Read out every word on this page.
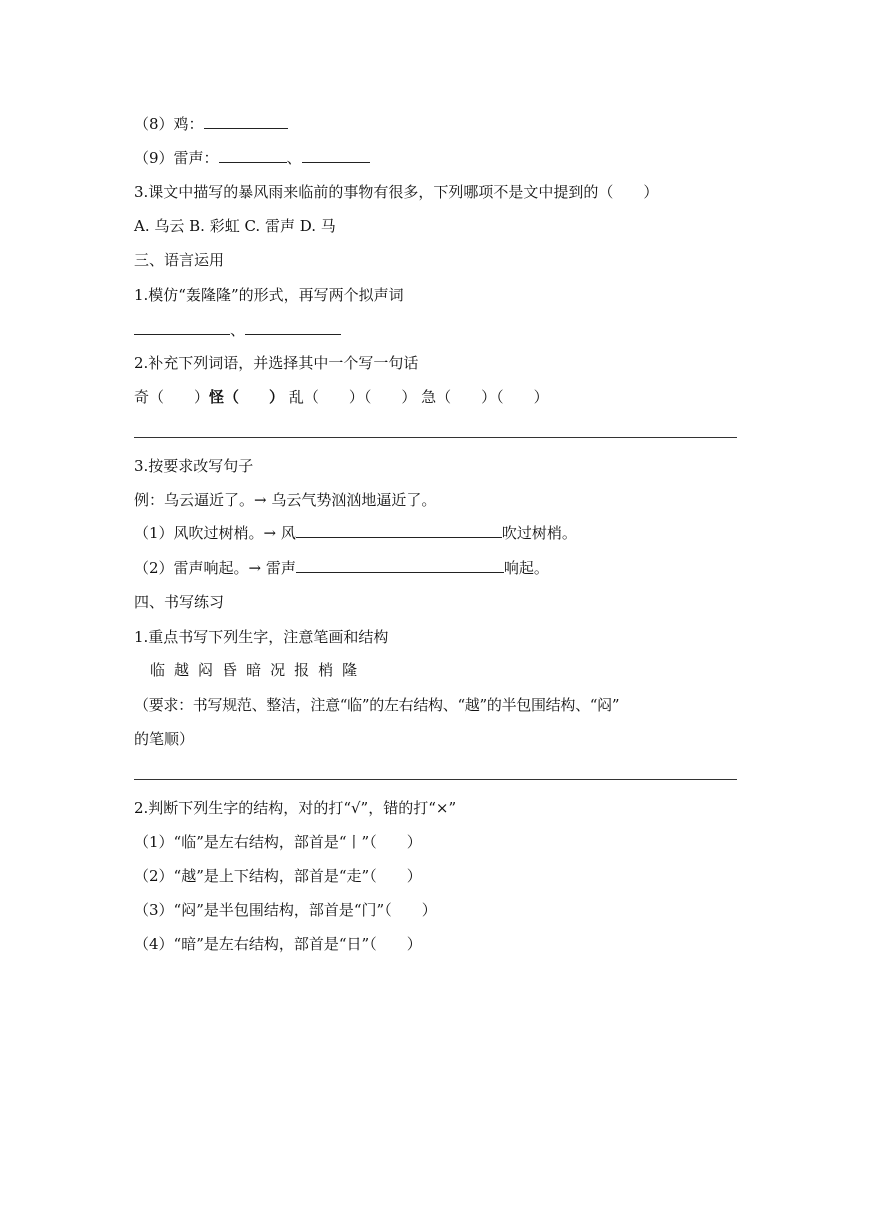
（8）鸡：
（9）雷声：	、
3.课文中描写的暴风雨来临前的事物有很多，下列哪项不是文中提到的（　　）
A. 乌云 B. 彩虹 C. 雷声 D. 马
三、语言运用
1.模仿“轰隆隆”的形式，再写两个拟声词
、
2.补充下列词语，并选择其中一个写一句话
奇（　　）怪（　　） 乱（　　）（　　） 急（　　）（　　）
3.按要求改写句子
例：乌云逼近了。→ 乌云气势汹汹地逼近了。
（1）风吹过树梢。→ 风	吹过树梢。
（2）雷声响起。→ 雷声	响起。
四、书写练习
1.重点书写下列生字，注意笔画和结构
临 越 闷 昏 暗 况 报 梢 隆
（要求：书写规范、整洁，注意“临”的左右结构、“越”的半包围结构、“闷”
的笔顺）
2.判断下列生字的结构，对的打“√”，错的打“×”
（1）“临”是左右结构，部首是“丨”（　　）
（2）“越”是上下结构，部首是“走”（　　）
（3）“闷”是半包围结构，部首是“门”（　　）
（4）“暗”是左右结构，部首是“日”（　　）
